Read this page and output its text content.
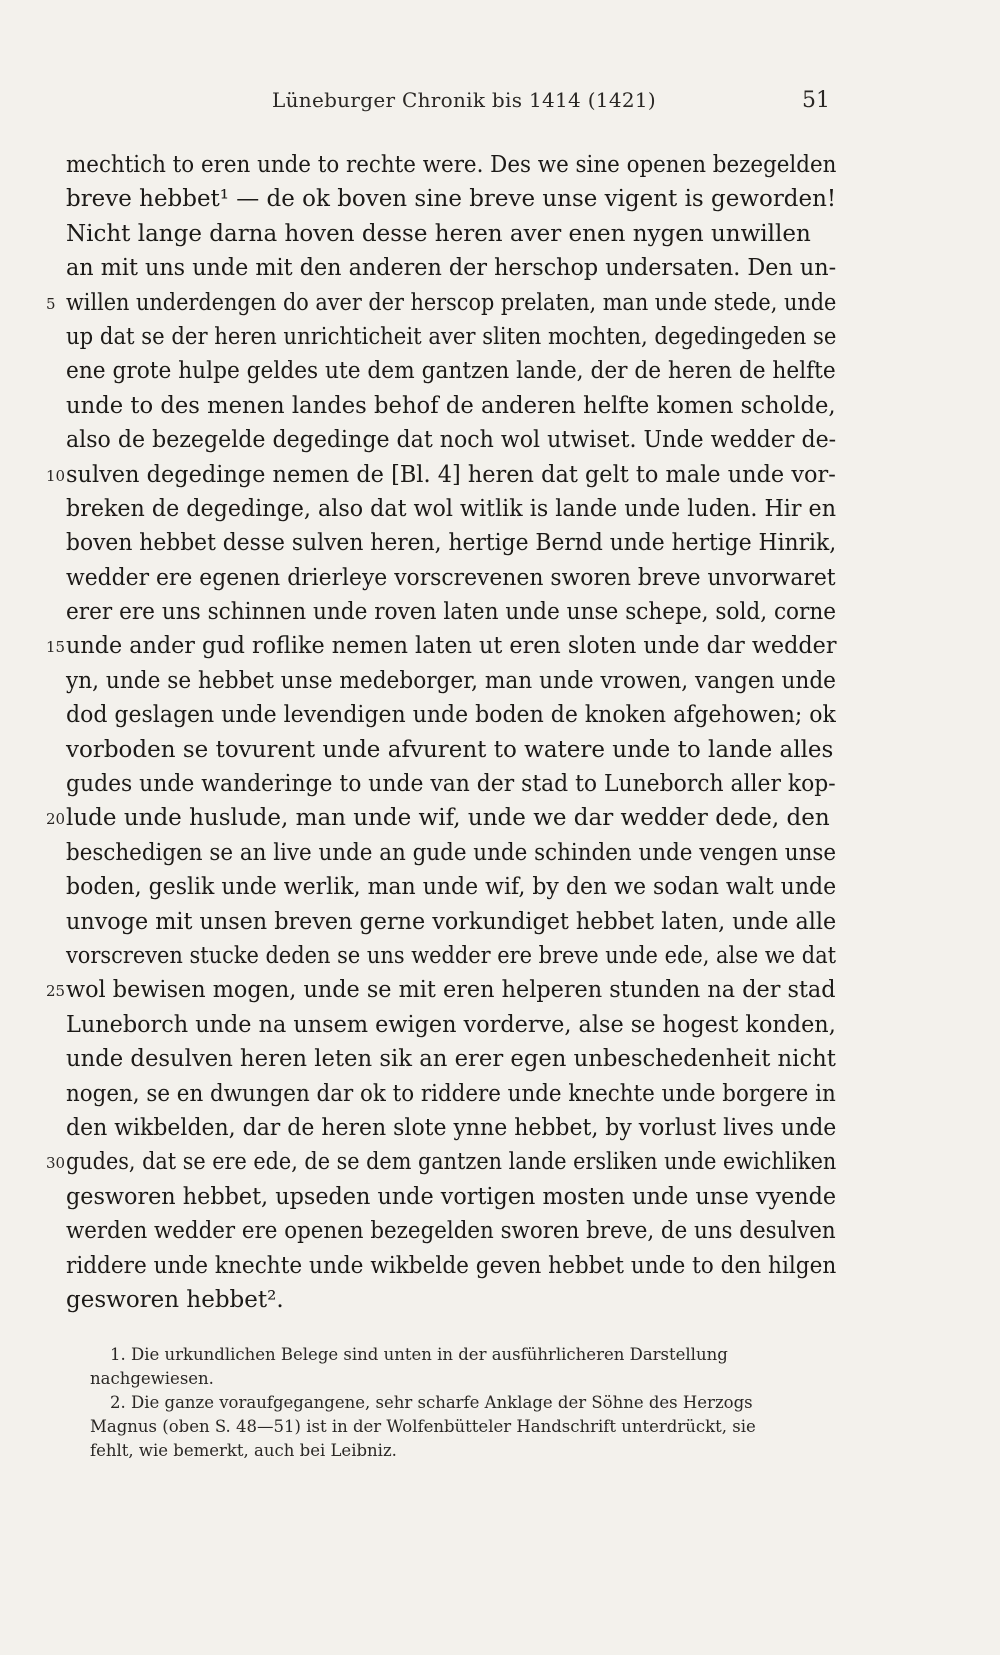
Lüneburger Chronik bis 1414 (1421)	51
mechtich to eren unde to rechte were. Des we sine openen bezegelden
breve hebbet¹ — de ok boven sine breve unse vigent is geworden!
Nicht lange darna hoven desse heren aver enen nygen unwillen
an mit uns unde mit den anderen der herschop undersaten. Den un-
5 willen underdengen do aver der herscop prelaten, man unde stede, unde
up dat se der heren unrichticheit aver sliten mochten, degedingeden se
ene grote hulpe geldes ute dem gantzen lande, der de heren de helfte
unde to des menen landes behof de anderen helfte komen scholde,
also de bezegelde degedinge dat noch wol utwiset. Unde wedder de-
10 sulven degedinge nemen de [Bl. 4] heren dat gelt to male unde vor-
breken de degedinge, also dat wol witlik is lande unde luden. Hir en
boven hebbet desse sulven heren, hertige Bernd unde hertige Hinrik,
wedder ere egenen drierleye vorscrevenen sworen breve unvorwaret
erer ere uns schinnen unde roven laten unde unse schepe, sold, corne
15 unde ander gud roflike nemen laten ut eren sloten unde dar wedder
yn, unde se hebbet unse medeborger, man unde vrowen, vangen unde
dod geslagen unde levendigen unde boden de knoken afgehowen; ok
vorboden se tovurent unde afvurent to watere unde to lande alles
gudes unde wanderinge to unde van der stad to Luneborch aller kop-
20 lude unde huslude, man unde wif, unde we dar wedder dede, den
beschedigen se an live unde an gude unde schinden unde vengen unse
boden, geslik unde werlik, man unde wif, by den we sodan walt unde
unvoge mit unsen breven gerne vorkundiget hebbet laten, unde alle
vorscreven stucke deden se uns wedder ere breve unde ede, alse we dat
25 wol bewisen mogen, unde se mit eren helperen stunden na der stad
Luneborch unde na unsem ewigen vorderve, alse se hogest konden,
unde desulven heren leten sik an erer egen unbeschedenheit nicht
nogen, se en dwungen dar ok to riddere unde knechte unde borgere in
den wikbelden, dar de heren slote ynne hebbet, by vorlust lives unde
30 gudes, dat se ere ede, de se dem gantzen lande ersliken unde ewichliken
gesworen hebbet, upseden unde vortigen mosten unde unse vyende
werden wedder ere openen bezegelden sworen breve, de uns desulven
riddere unde knechte unde wikbelde geven hebbet unde to den hilgen
gesworen hebbet².
1. Die urkundlichen Belege sind unten in der ausführlicheren Darstellung
nachgewiesen.
2. Die ganze voraufgegangene, sehr scharfe Anklage der Söhne des Herzogs
Magnus (oben S. 48—51) ist in der Wolfenbütteler Handschrift unterdrückt, sie
fehlt, wie bemerkt, auch bei Leibniz.
